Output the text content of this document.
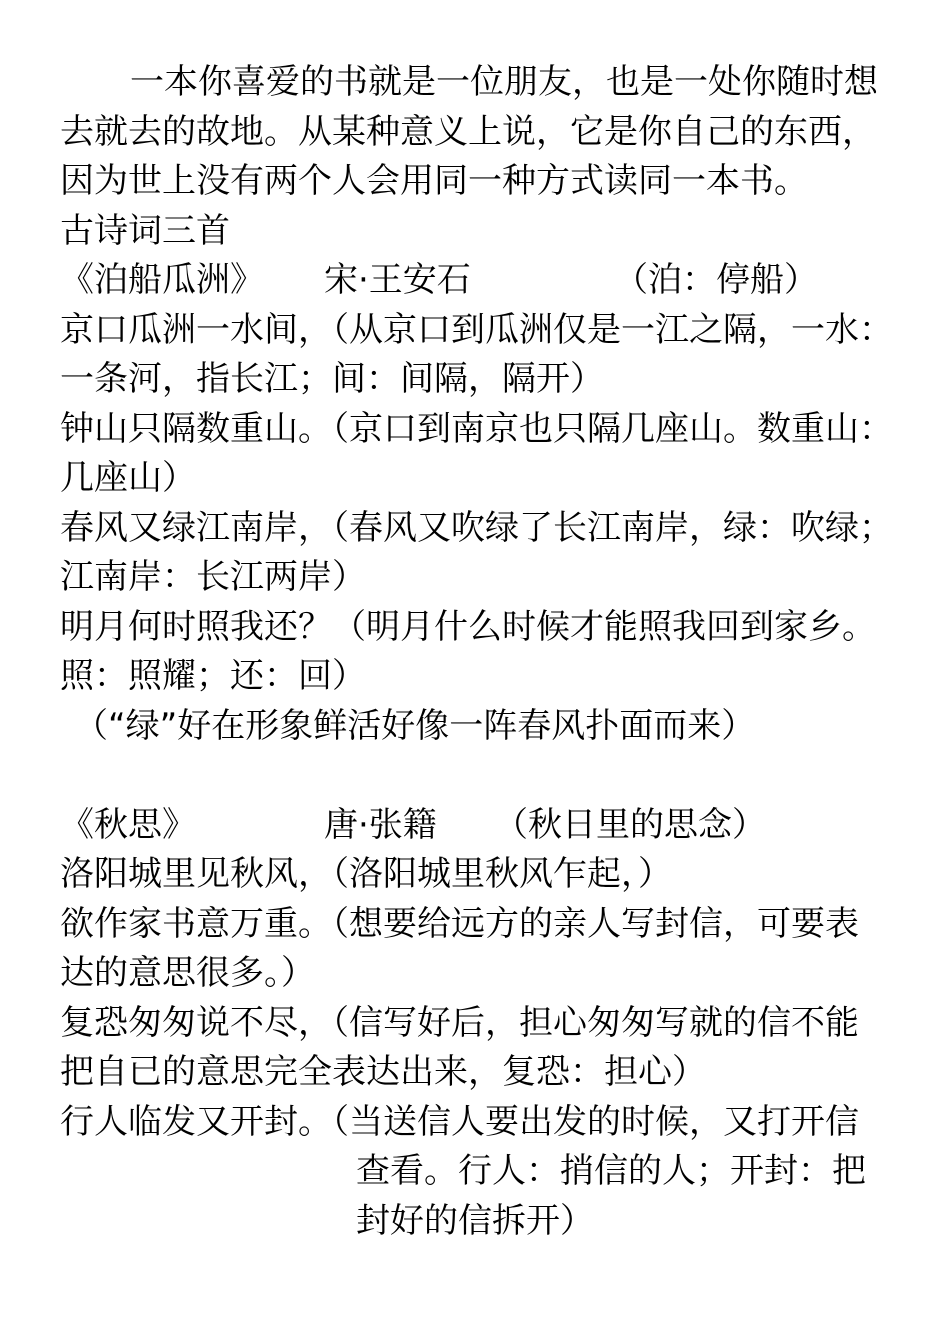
一本你喜爱的书就是一位朋友，也是一处你随时想
去就去的故地。从某种意义上说，它是你自己的东西，
因为世上没有两个人会用同一种方式读同一本书。
古诗词三首
《泊船瓜洲》	宋·王安石	（泊：停船）
京口瓜洲一水间，（从京口到瓜洲仅是一江之隔，一水：
一条河，指长江；间：间隔，隔开）
钟山只隔数重山。（京口到南京也只隔几座山。数重山：
几座山）
春风又绿江南岸，（春风又吹绿了长江南岸，绿：吹绿；
江南岸：长江两岸）
明月何时照我还？（明月什么时候才能照我回到家乡。
照：照耀；还：回）
（“绿”好在形象鲜活好像一阵春风扑面而来）
《秋思》	唐·张籍	（秋日里的思念）
洛阳城里见秋风，（洛阳城里秋风乍起，）
欲作家书意万重。（想要给远方的亲人写封信，可要表
达的意思很多。）
复恐匆匆说不尽，（信写好后，担心匆匆写就的信不能
把自已的意思完全表达出来，复恐：担心）
行人临发又开封。（当送信人要出发的时候，又打开信
查看。行人：捎信的人；开封：把
封好的信拆开）
